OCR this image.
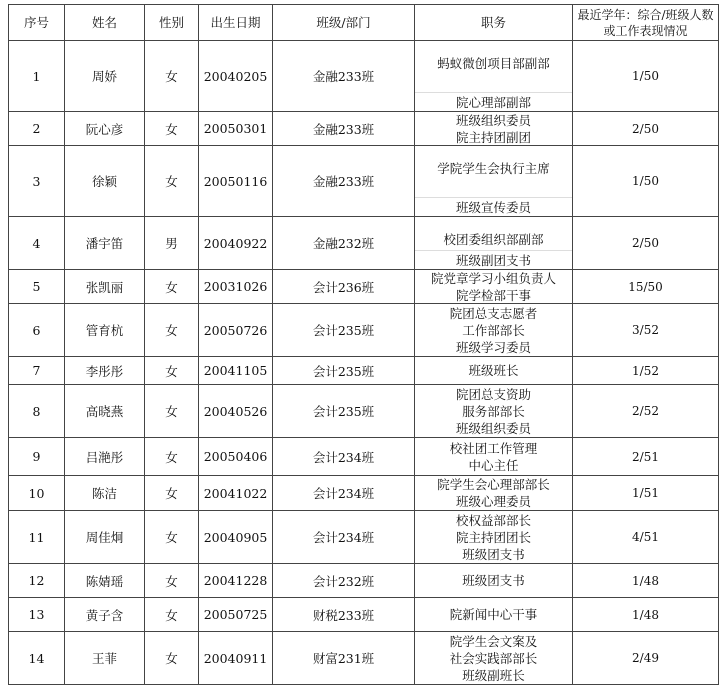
序号	姓名	性别	出生日期	班级/部门	职务	最近学年：综合/班级人数或工作表现情况
1	周娇	女	20040205	金融233班	蚂蚁微创项目部副部
院心理部副部	1/50
2	阮心彦	女	20050301	金融233班	班级组织委员
院主持团副团	2/50
3	徐颖	女	20050116	金融233班	学院学生会执行主席
班级宣传委员	1/50
4	潘宇笛	男	20040922	金融232班	校团委组织部副部
班级副团支书	2/50
5	张凯丽	女	20031026	会计236班	院党章学习小组负责人
院学检部干事	15/50
6	管育杭	女	20050726	会计235班	院团总支志愿者
工作部部长
班级学习委员	3/52
7	李彤彤	女	20041105	会计235班	班级班长	1/52
8	高晓燕	女	20040526	会计235班	院团总支资助
服务部部长
班级组织委员	2/52
9	吕滟彤	女	20050406	会计234班	校社团工作管理
中心主任	2/51
10	陈洁	女	20041022	会计234班	院学生会心理部部长
班级心理委员	1/51
11	周佳炯	女	20040905	会计234班	校权益部部长
院主持团团长
班级团支书	4/51
12	陈婧瑶	女	20041228	会计232班	班级团支书	1/48
13	黄子含	女	20050725	财税233班	院新闻中心干事	1/48
14	王菲	女	20040911	财富231班	院学生会文案及
社会实践部部长
班级副班长	2/49
